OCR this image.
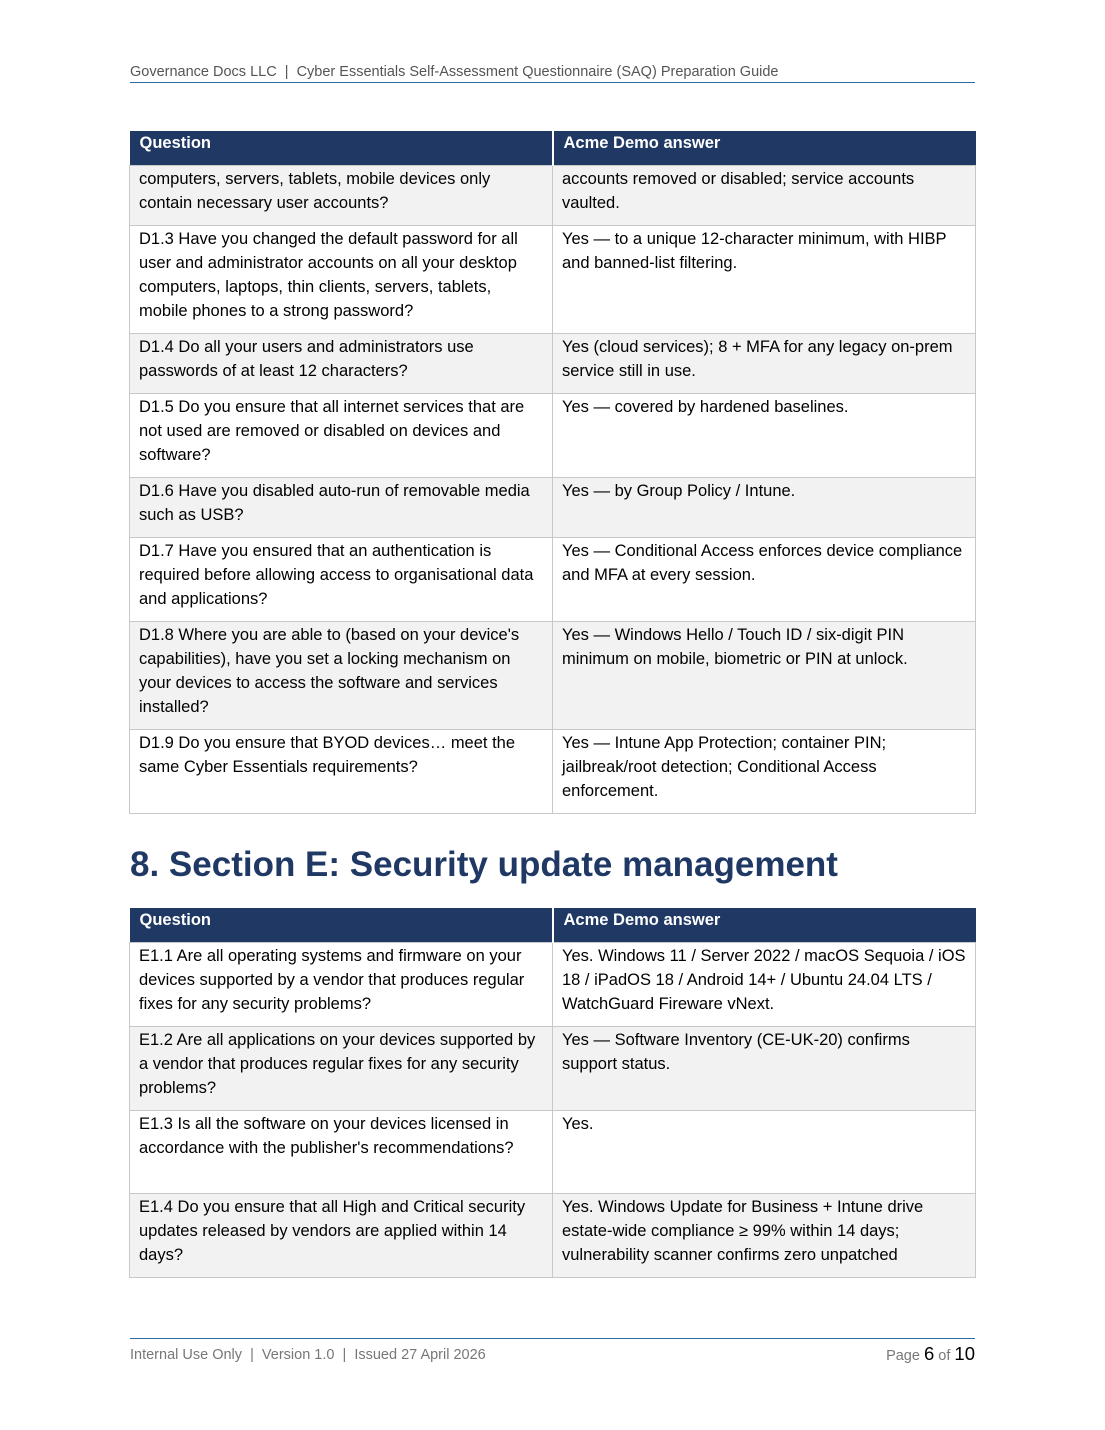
Governance Docs LLC  |  Cyber Essentials Self-Assessment Questionnaire (SAQ) Preparation Guide
Question	Acme Demo answer
computers, servers, tablets, mobile devices only contain necessary user accounts?	accounts removed or disabled; service accounts vaulted.
D1.3 Have you changed the default password for all user and administrator accounts on all your desktop computers, laptops, thin clients, servers, tablets, mobile phones to a strong password?	Yes — to a unique 12-character minimum, with HIBP and banned-list filtering.
D1.4 Do all your users and administrators use passwords of at least 12 characters?	Yes (cloud services); 8 + MFA for any legacy on-prem service still in use.
D1.5 Do you ensure that all internet services that are not used are removed or disabled on devices and software?	Yes — covered by hardened baselines.
D1.6 Have you disabled auto-run of removable media such as USB?	Yes — by Group Policy / Intune.
D1.7 Have you ensured that an authentication is required before allowing access to organisational data and applications?	Yes — Conditional Access enforces device compliance and MFA at every session.
D1.8 Where you are able to (based on your device's capabilities), have you set a locking mechanism on your devices to access the software and services installed?	Yes — Windows Hello / Touch ID / six-digit PIN minimum on mobile, biometric or PIN at unlock.
D1.9 Do you ensure that BYOD devices… meet the same Cyber Essentials requirements?	Yes — Intune App Protection; container PIN; jailbreak/root detection; Conditional Access enforcement.
8. Section E: Security update management
Question	Acme Demo answer
E1.1 Are all operating systems and firmware on your devices supported by a vendor that produces regular fixes for any security problems?	Yes. Windows 11 / Server 2022 / macOS Sequoia / iOS 18 / iPadOS 18 / Android 14+ / Ubuntu 24.04 LTS / WatchGuard Fireware vNext.
E1.2 Are all applications on your devices supported by a vendor that produces regular fixes for any security problems?	Yes — Software Inventory (CE-UK-20) confirms support status.
E1.3 Is all the software on your devices licensed in accordance with the publisher's recommendations?	Yes.
E1.4 Do you ensure that all High and Critical security updates released by vendors are applied within 14 days?	Yes. Windows Update for Business + Intune drive estate-wide compliance ≥ 99% within 14 days; vulnerability scanner confirms zero unpatched
Internal Use Only  |  Version 1.0  |  Issued 27 April 2026	Page 6 of 10
